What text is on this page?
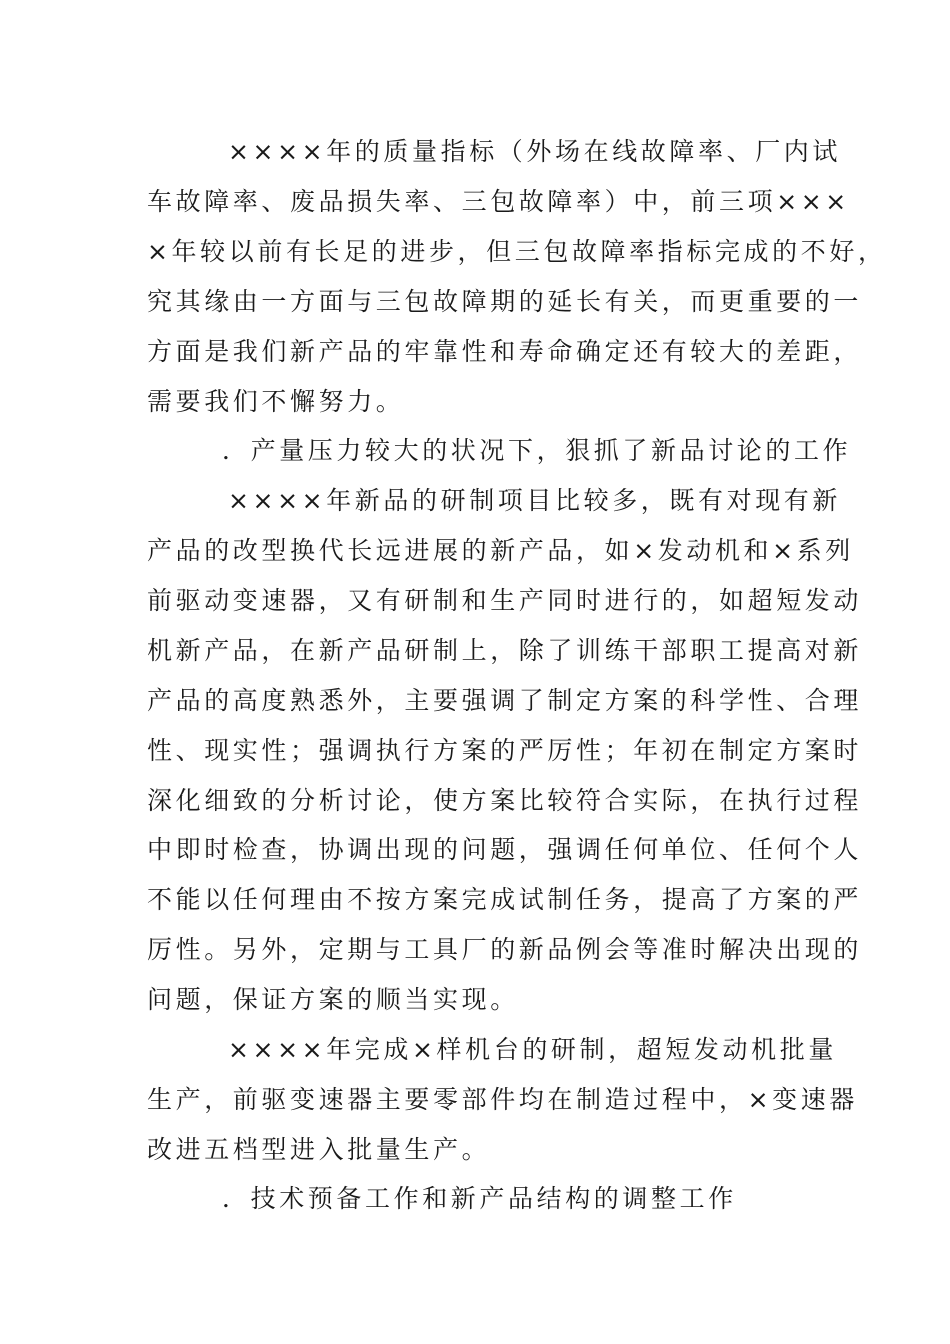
××××年的质量指标（外场在线故障率、厂内试
车故障率、废品损失率、三包故障率）中，前三项×××
×年较以前有长足的进步，但三包故障率指标完成的不好，
究其缘由一方面与三包故障期的延长有关，而更重要的一
方面是我们新产品的牢靠性和寿命确定还有较大的差距，
需要我们不懈努力。
．产量压力较大的状况下，狠抓了新品讨论的工作
××××年新品的研制项目比较多，既有对现有新
产品的改型换代长远进展的新产品，如×发动机和×系列
前驱动变速器，又有研制和生产同时进行的，如超短发动
机新产品，在新产品研制上，除了训练干部职工提高对新
产品的高度熟悉外，主要强调了制定方案的科学性、合理
性、现实性；强调执行方案的严厉性；年初在制定方案时
深化细致的分析讨论，使方案比较符合实际，在执行过程
中即时检查，协调出现的问题，强调任何单位、任何个人
不能以任何理由不按方案完成试制任务，提高了方案的严
厉性。另外，定期与工具厂的新品例会等准时解决出现的
问题，保证方案的顺当实现。
××××年完成×样机台的研制，超短发动机批量
生产，前驱变速器主要零部件均在制造过程中，×变速器
改进五档型进入批量生产。
．技术预备工作和新产品结构的调整工作
